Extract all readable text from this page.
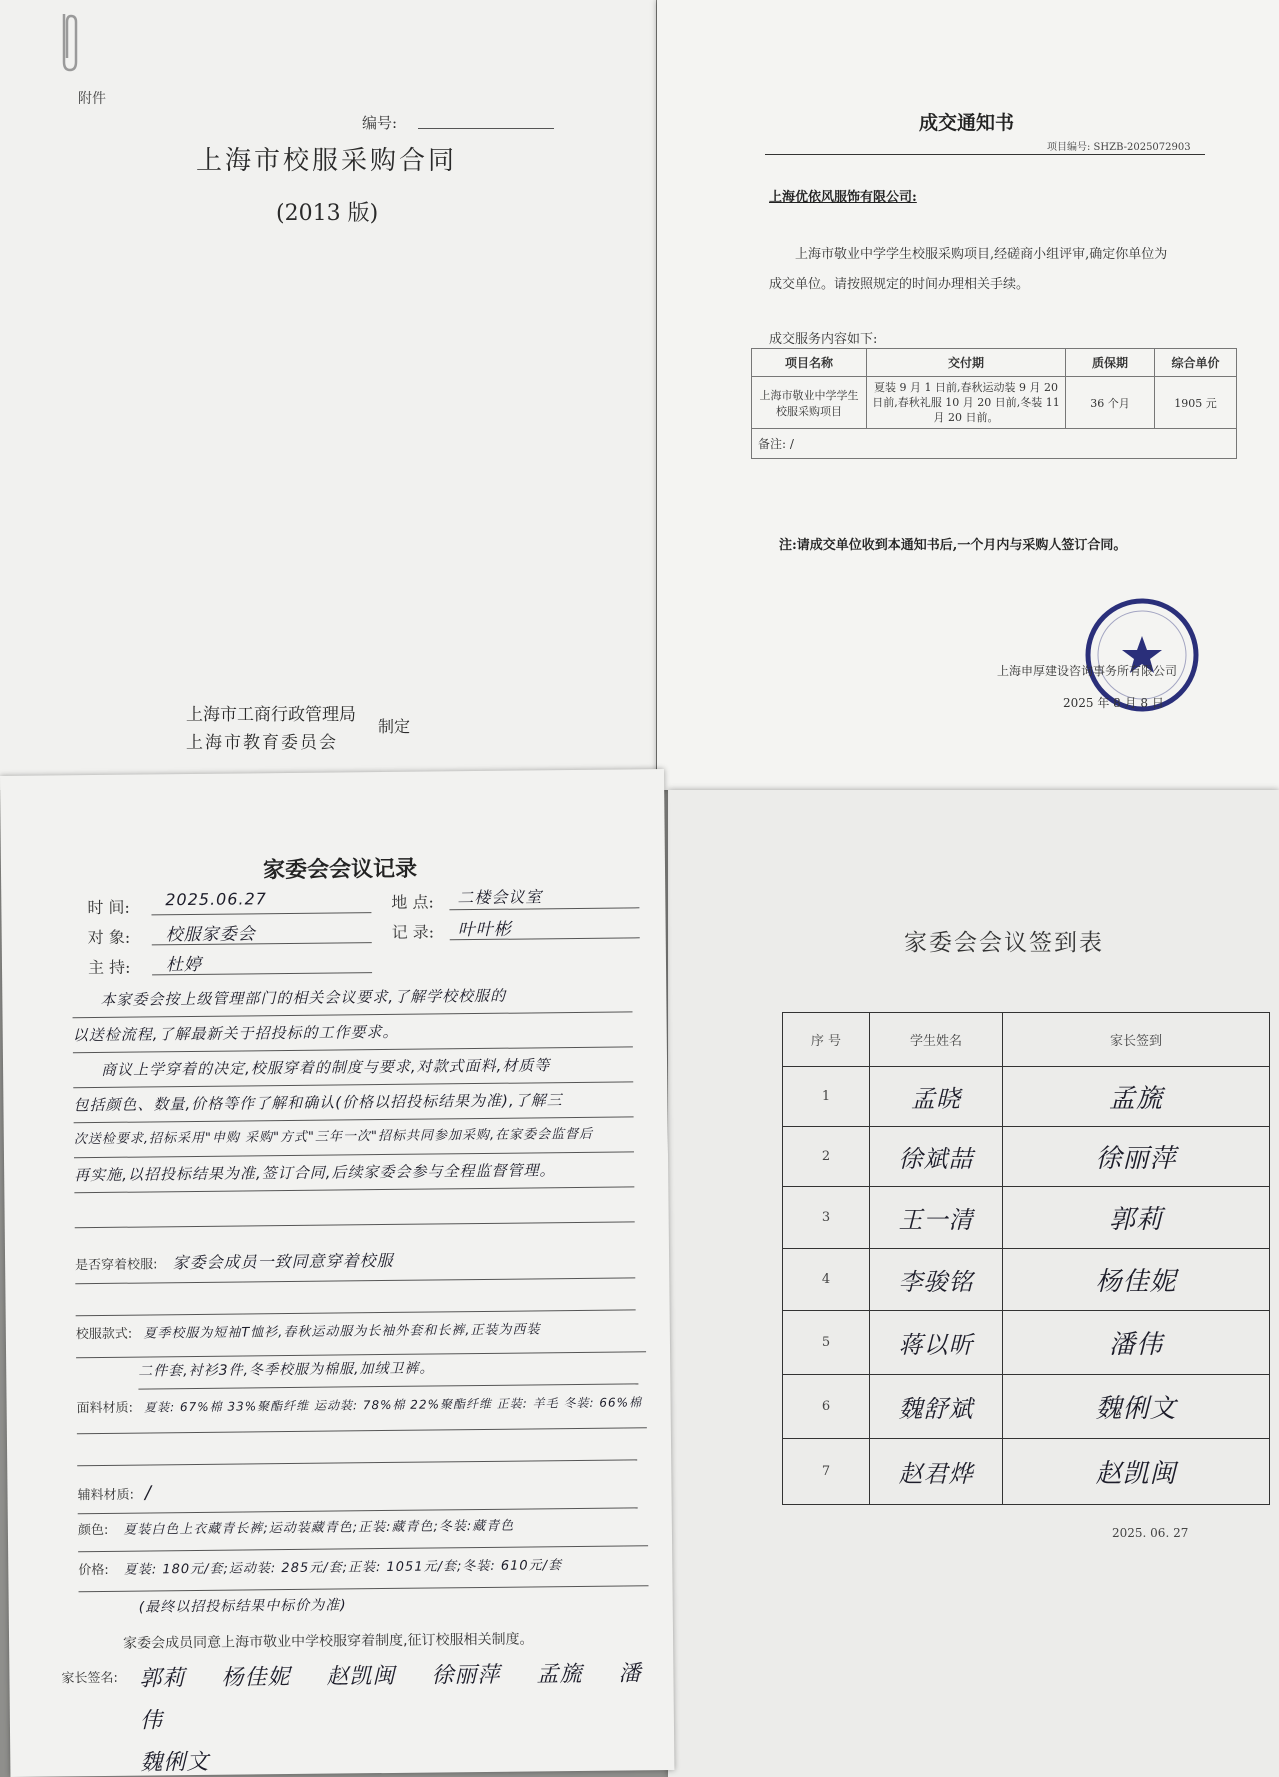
附件
编号:
上海市校服采购合同
(2013 版)
上海市工商行政管理局
上海市教育委员会
制定
成交通知书
项目编号: SHZB-2025072903
上海优依风服饰有限公司:
上海市敬业中学学生校服采购项目,经磋商小组评审,确定你单位为成交单位。请按照规定的时间办理相关手续。
成交服务内容如下:
项目名称	交付期	质保期	综合单价
上海市敬业中学学生校服采购项目	夏装 9 月 1 日前,春秋运动装 9 月 20 日前,春秋礼服 10 月 20 日前,冬装 11 月 20 日前。	36 个月	1905 元
备注: /			
注:请成交单位收到本通知书后,一个月内与采购人签订合同。
上海申厚建设咨询事务所有限公司
2025 年 8 月 8 日
家委会会议签到表
序 号	学生姓名	家长签到
1	孟晓	孟旒
2	徐斌喆	徐丽萍
3	王一清	郭莉
4	李骏铭	杨佳妮
5	蒋以昕	潘伟
6	魏舒斌	魏俐文
7	赵君烨	赵凯闽
2025. 06. 27
家委会会议记录
时 间: 2025.06.27	地 点: 二楼会议室
对 象: 校服家委会	记 录: 叶叶彬
主 持: 杜婷
本家委会按上级管理部门的相关会议要求,了解学校校服的
以送检流程,了解最新关于招投标的工作要求。
商议上学穿着的决定,校服穿着的制度与要求,对款式面料,材质等
包括颜色、数量,价格等作了解和确认(价格以招投标结果为准),了解三
次送检要求,招标采用"申购 采购"方式"三年一次"招标共同参加采购,在家委会监督后
再实施,以招投标结果为准,签订合同,后续家委会参与全程监督管理。
是否穿着校服: 家委会成员一致同意穿着校服
校服款式: 夏季校服为短袖T恤衫,春秋运动服为长袖外套和长裤,正装为西装
二件套,衬衫3件,冬季校服为棉服,加绒卫裤。
面料材质: 夏装: 67%棉 33%聚酯纤维 运动装: 78%棉 22%聚酯纤维 正装: 羊毛 冬装: 66%棉
辅料材质: /
颜色: 夏装白色上衣藏青长裤;运动装藏青色;正装:藏青色;冬装:藏青色
价格: 夏装: 180元/套;运动装: 285元/套;正装: 1051元/套;冬装: 610元/套
(最终以招投标结果中标价为准)
家委会成员同意上海市敬业中学校服穿着制度,征订校服相关制度。
家长签名: 郭莉 杨佳妮 赵凯闽 徐丽萍 孟旒 潘伟
魏俐文
